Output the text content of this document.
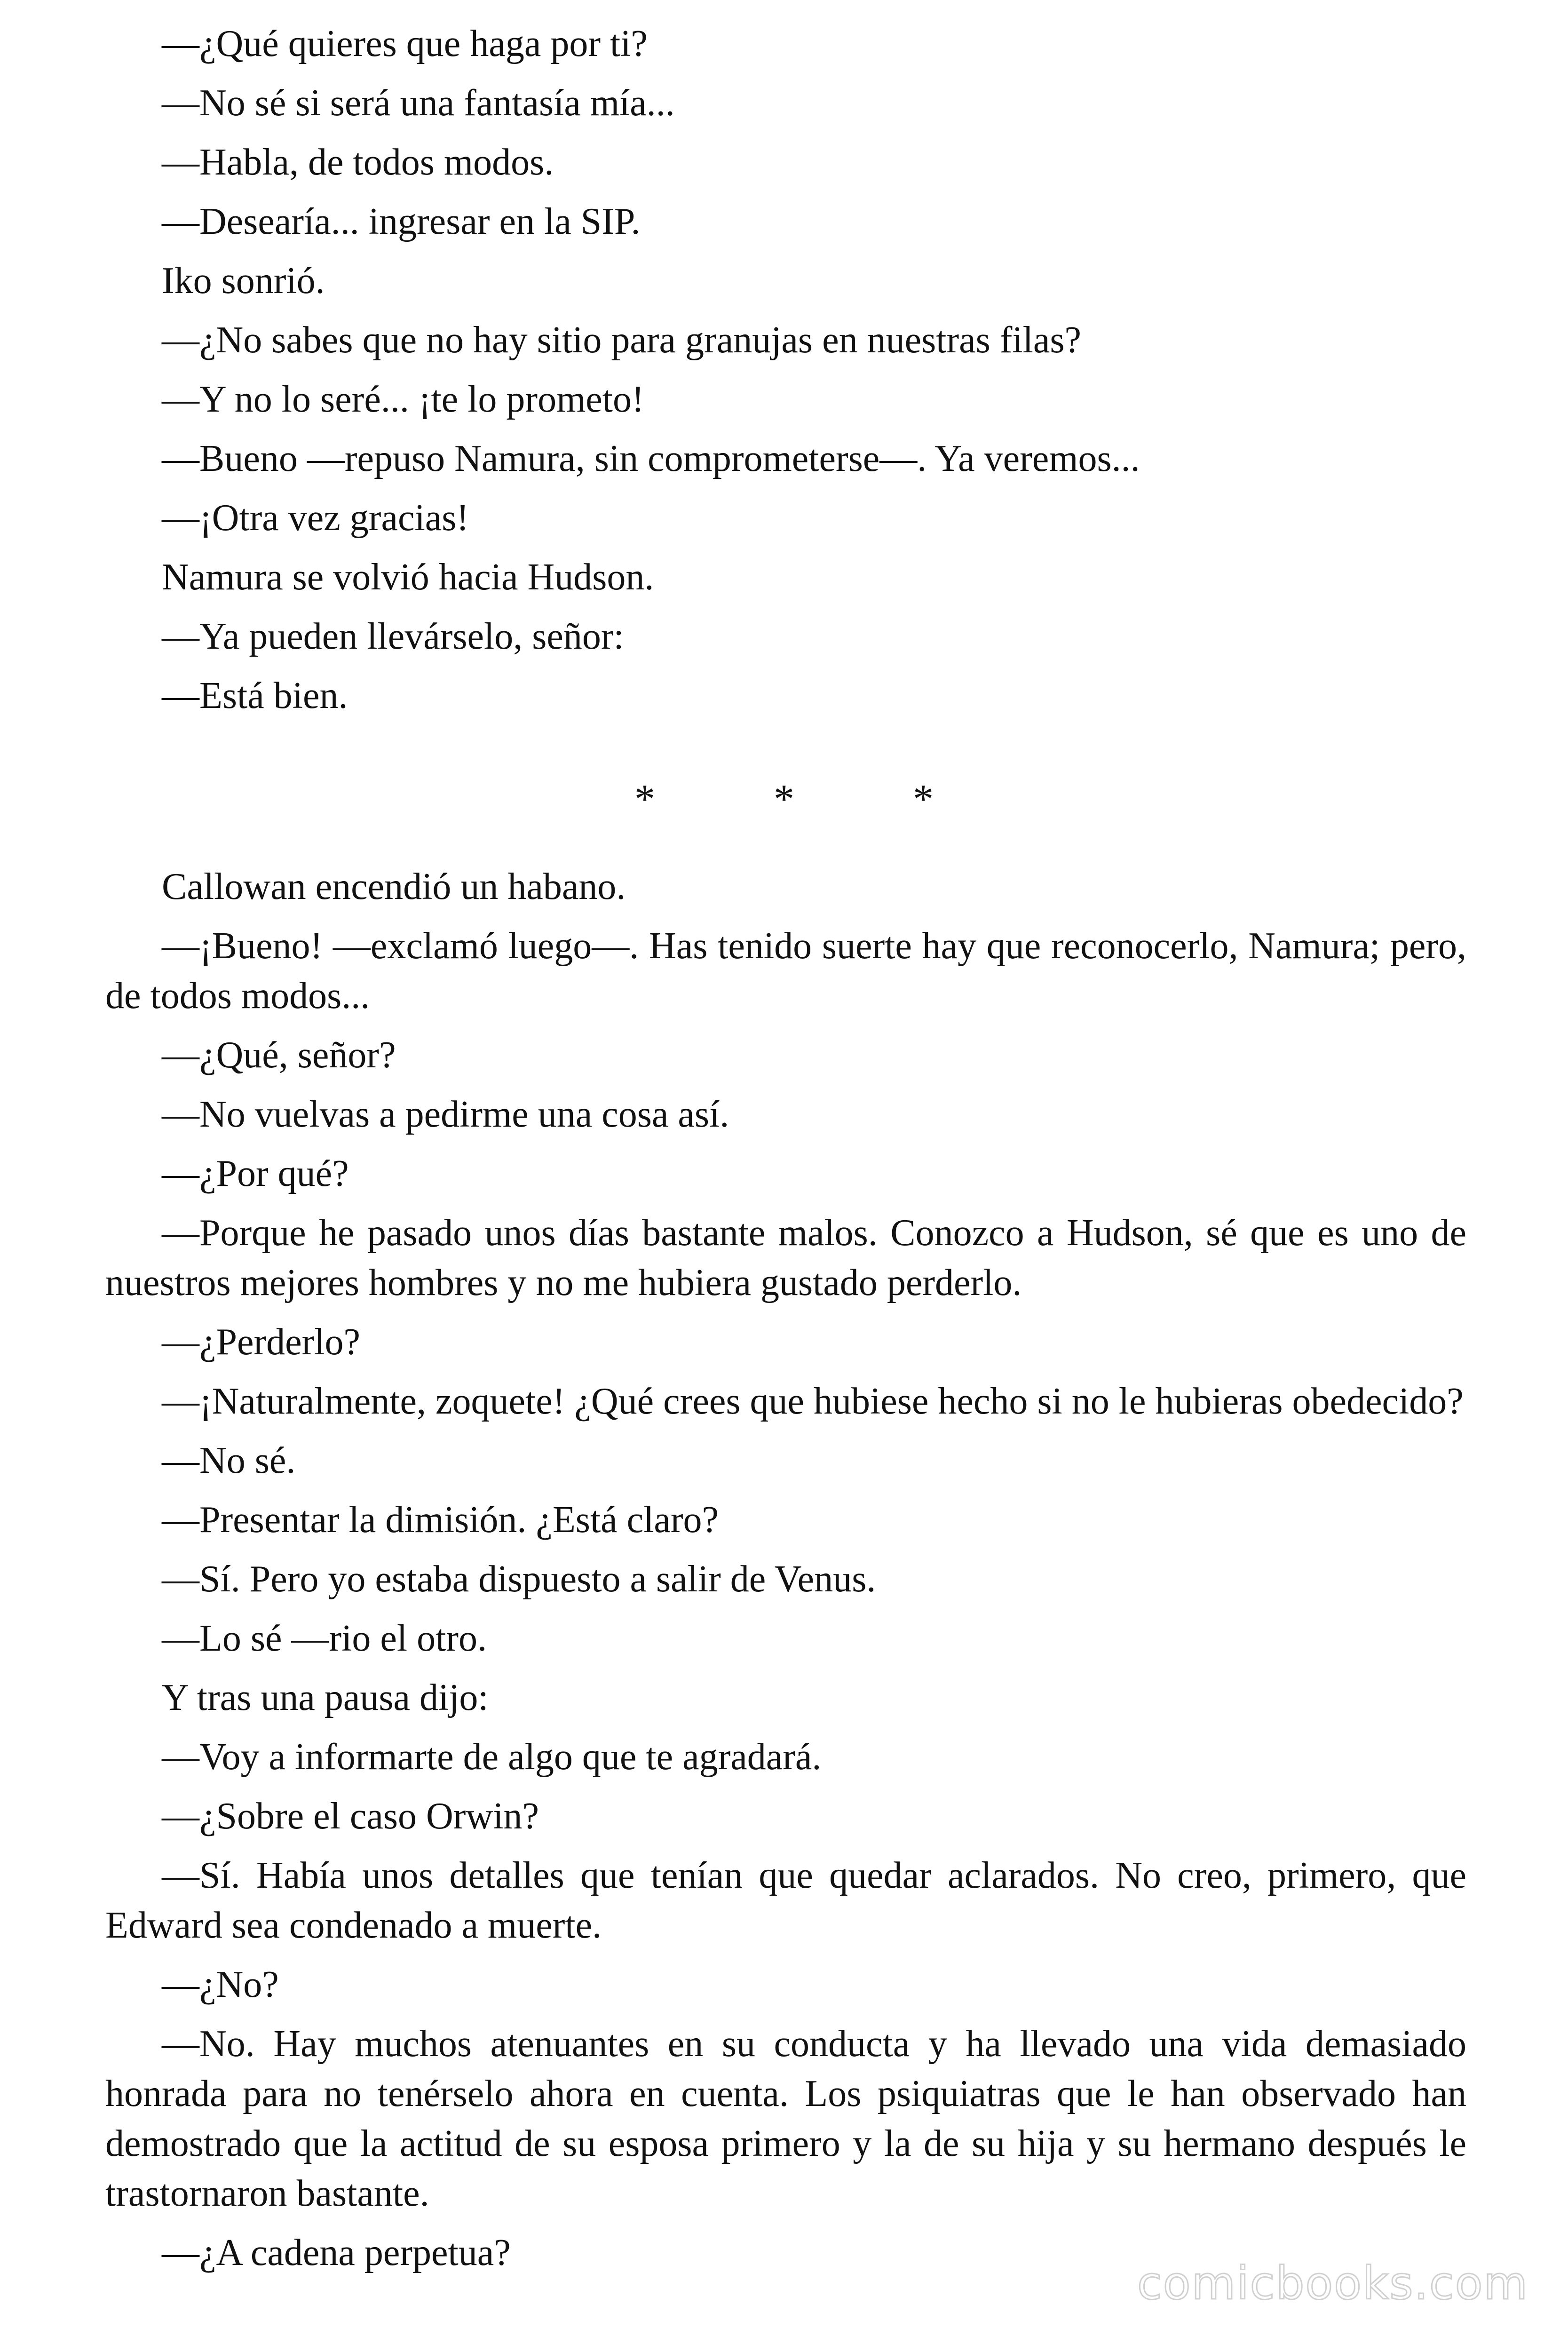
—¿Qué quieres que haga por ti?

—No sé si será una fantasía mía...

—Habla, de todos modos.

—Desearía... ingresar en la SIP.

Iko sonrió.

—¿No sabes que no hay sitio para granujas en nuestras filas?

—Y no lo seré... ¡te lo prometo!

—Bueno —repuso Namura, sin comprometerse—. Ya veremos...

—¡Otra vez gracias!

Namura se volvió hacia Hudson.

—Ya pueden llevárselo, señor:

—Está bien.

*	*	*

Callowan encendió un habano.

—¡Bueno! —exclamó luego—. Has tenido suerte hay que reconocerlo, Namura; pero, de todos modos...

—¿Qué, señor?

—No vuelvas a pedirme una cosa así.

—¿Por qué?

—Porque he pasado unos días bastante malos. Conozco a Hudson, sé que es uno de nuestros mejores hombres y no me hubiera gustado perderlo.

—¿Perderlo?

—¡Naturalmente, zoquete! ¿Qué crees que hubiese hecho si no le hubieras obedecido?

—No sé.

—Presentar la dimisión. ¿Está claro?

—Sí. Pero yo estaba dispuesto a salir de Venus.

—Lo sé —rio el otro.

Y tras una pausa dijo:

—Voy a informarte de algo que te agradará.

—¿Sobre el caso Orwin?

—Sí. Había unos detalles que tenían que quedar aclarados. No creo, primero, que Edward sea condenado a muerte.

—¿No?

—No. Hay muchos atenuantes en su conducta y ha llevado una vida demasiado honrada para no tenérselo ahora en cuenta. Los psiquiatras que le han observado han demostrado que la actitud de su esposa primero y la de su hija y su hermano después le trastornaron bastante.

—¿A cadena perpetua?

comicbooks.com
